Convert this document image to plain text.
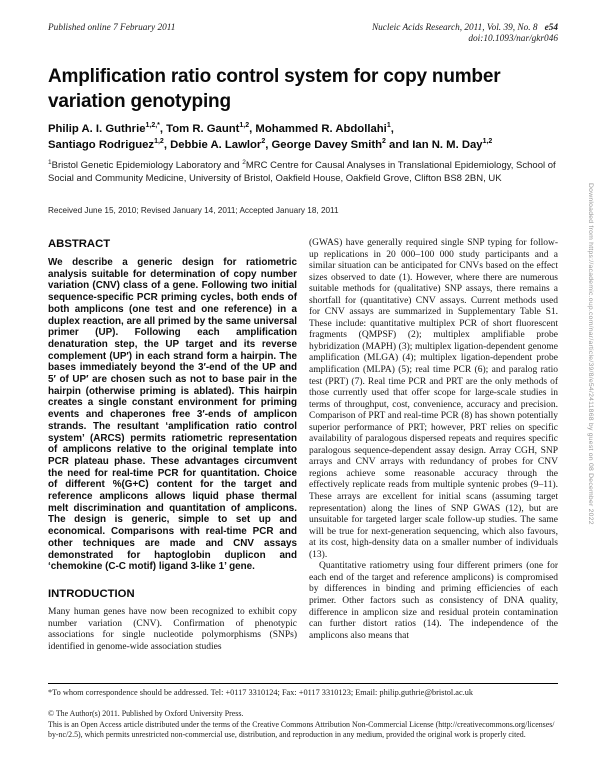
Published online 7 February 2011	Nucleic Acids Research, 2011, Vol. 39, No. 8 e54
doi:10.1093/nar/gkr046
Amplification ratio control system for copy number
variation genotyping
Philip A. I. Guthrie$^{1,2,*}$, Tom R. Gaunt$^{1,2}$, Mohammed R. Abdollahi$^1$,
Santiago Rodriguez$^{1,2}$, Debbie A. Lawlor$^2$, George Davey Smith$^2$ and Ian N. M. Day$^{1,2}$
$^1$Bristol Genetic Epidemiology Laboratory and $^2$MRC Centre for Causal Analyses in Translational Epidemiology, School of Social and Community Medicine, University of Bristol, Oakfield House, Oakfield Grove, Clifton BS8 2BN, UK
Received June 15, 2010; Revised January 14, 2011; Accepted January 18, 2011
ABSTRACT

We describe a generic design for ratiometric analysis suitable for determination of copy number variation (CNV) class of a gene. Following two initial sequence-specific PCR priming cycles, both ends of both amplicons (one test and one reference) in a duplex reaction, are all primed by the same universal primer (UP). Following each amplification denaturation step, the UP target and its reverse complement (UP′) in each strand form a hairpin. The bases immediately beyond the 3′-end of the UP and 5′ of UP′ are chosen such as not to base pair in the hairpin (otherwise priming is ablated). This hairpin creates a single constant environment for priming events and chaperones free 3′-ends of amplicon strands. The resultant ‘amplification ratio control system’ (ARCS) permits ratiometric representation of amplicons relative to the original template into PCR plateau phase. These advantages circumvent the need for real-time PCR for quantitation. Choice of different %(G+C) content for the target and reference amplicons allows liquid phase thermal melt discrimination and quantitation of amplicons. The design is generic, simple to set up and economical. Comparisons with real-time PCR and other techniques are made and CNV assays demonstrated for haptoglobin duplicon and ‘chemokine (C-C motif) ligand 3-like 1’ gene.

INTRODUCTION

Many human genes have now been recognized to exhibit copy number variation (CNV). Confirmation of phenotypic associations for single nucleotide polymorphisms (SNPs) identified in genome-wide association studies

(GWAS) have generally required single SNP typing for follow-up replications in 20 000–100 000 study participants and a similar situation can be anticipated for CNVs based on the effect sizes observed to date (1). However, where there are numerous suitable methods for (qualitative) SNP assays, there remains a shortfall for (quantitative) CNV assays. Current methods used for CNV assays are summarized in Supplementary Table S1. These include: quantitative multiplex PCR of short fluorescent fragments (QMPSF) (2); multiplex amplifiable probe hybridization (MAPH) (3); multiplex ligation-dependent genome amplification (MLGA) (4); multiplex ligation-dependent probe amplification (MLPA) (5); real time PCR (6); and paralog ratio test (PRT) (7). Real time PCR and PRT are the only methods of those currently used that offer scope for large-scale studies in terms of throughput, cost, convenience, accuracy and precision. Comparison of PRT and real-time PCR (8) has shown potentially superior performance of PRT; however, PRT relies on specific availability of paralogous dispersed repeats and requires specific paralogous sequence-dependent assay design. Array CGH, SNP arrays and CNV arrays with redundancy of probes for CNV regions achieve some reasonable accuracy through the effectively replicate reads from multiple syntenic probes (9–11). These arrays are excellent for initial scans (assuming target representation) along the lines of SNP GWAS (12), but are unsuitable for targeted larger scale follow-up studies. The same will be true for next-generation sequencing, which also favours, at its cost, high-density data on a smaller number of individuals (13).

Quantitative ratiometry using four different primers (one for each end of the target and reference amplicons) is compromised by differences in binding and priming efficiencies of each primer. Other factors such as consistency of DNA quality, difference in amplicon size and residual protein contamination can further distort ratios (14). The independence of the amplicons also means that

*To whom correspondence should be addressed. Tel: +0117 3310124; Fax: +0117 3310123; Email: philip.guthrie@bristol.ac.uk
© The Author(s) 2011. Published by Oxford University Press.
This is an Open Access article distributed under the terms of the Creative Commons Attribution Non-Commercial License (http://creativecommons.org/licenses/
by-nc/2.5), which permits unrestricted non-commercial use, distribution, and reproduction in any medium, provided the original work is properly cited.
Downloaded from https://academic.oup.com/nar/article/39/8/e54/2411868 by guest on 08 December 2022
